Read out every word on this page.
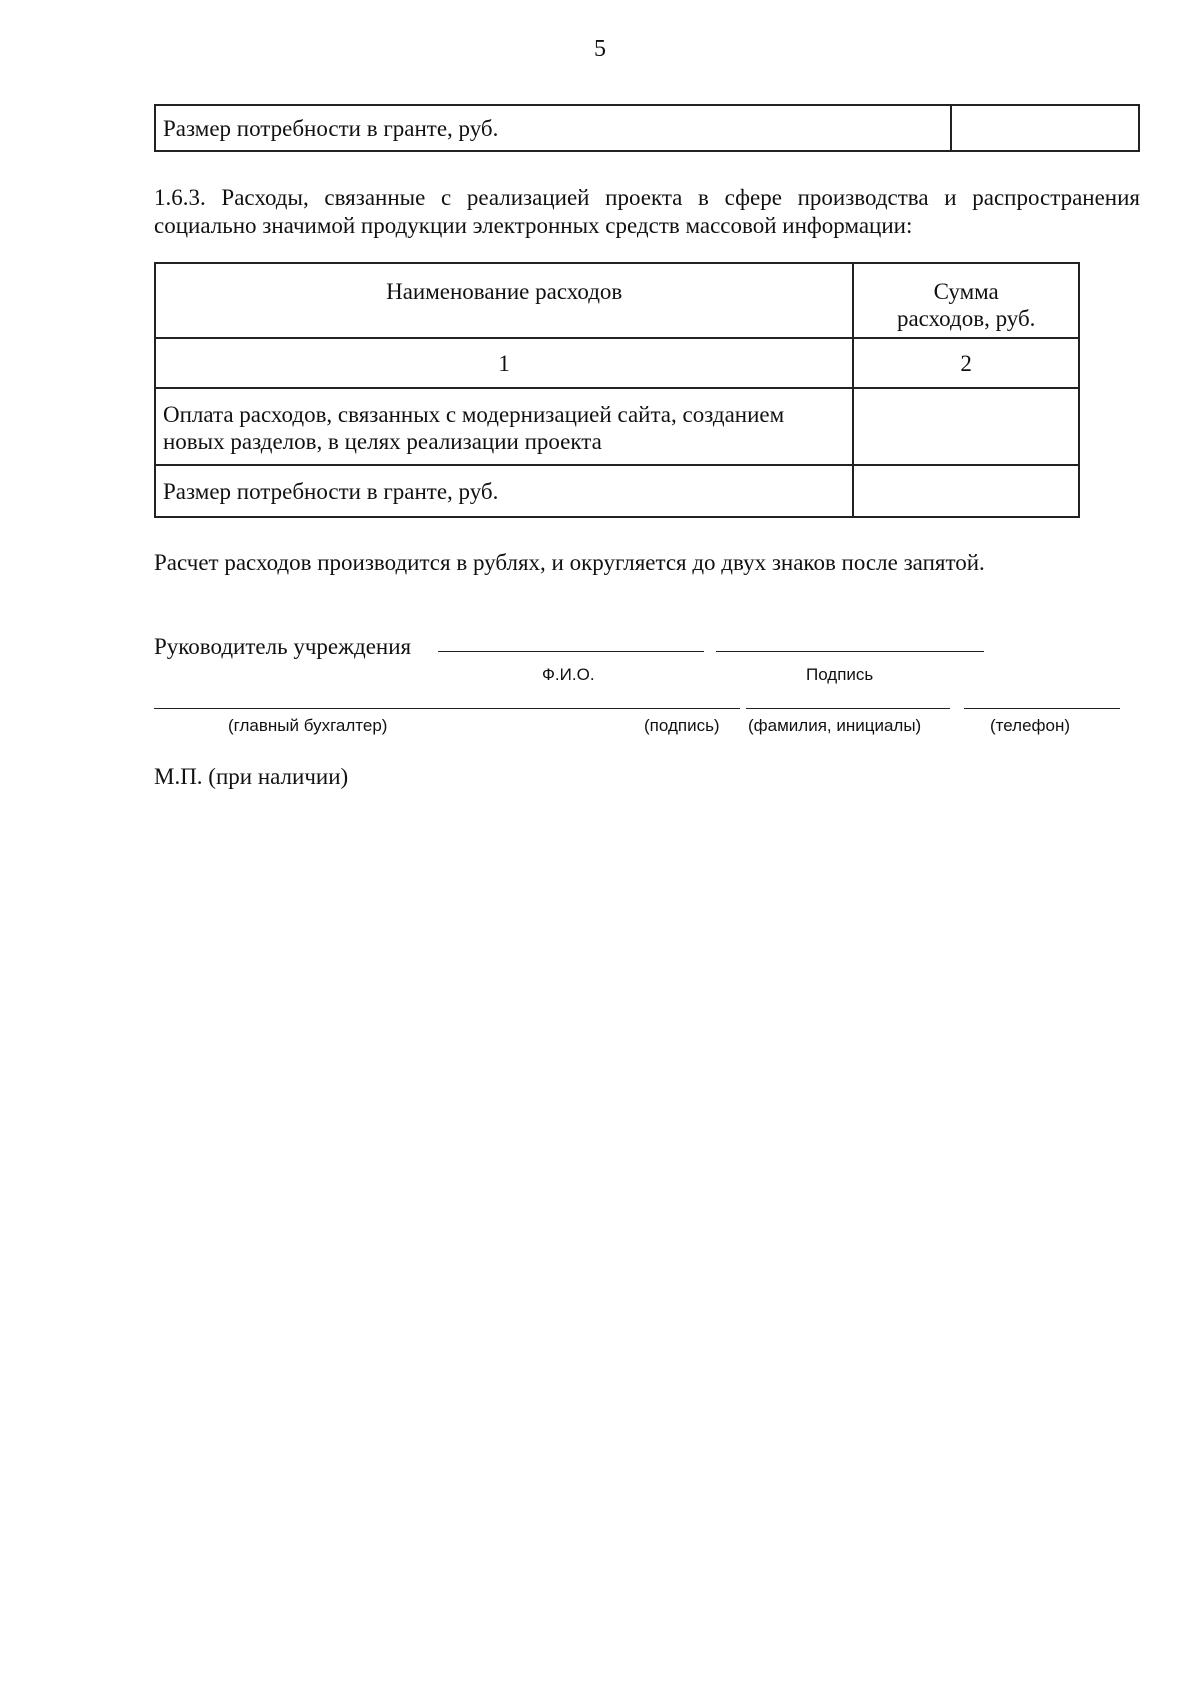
5
Размер потребности в гранте, руб.	

1.6.3. Расходы, связанные с реализацией проекта в сфере производства и распространения социально значимой продукции электронных средств массовой информации:

Наименование расходов	Сумма
расходов, руб.

1	2

Оплата расходов, связанных с модернизацией сайта, созданием
новых разделов, в целях реализации проекта	

Размер потребности в гранте, руб.	

Расчет расходов производится в рублях, и округляется до двух знаков после запятой.

Руководитель учреждения
Ф.И.О.	Подпись
(главный бухгалтер)	(подпись) (фамилия, инициалы)	(телефон)
М.П. (при наличии)
